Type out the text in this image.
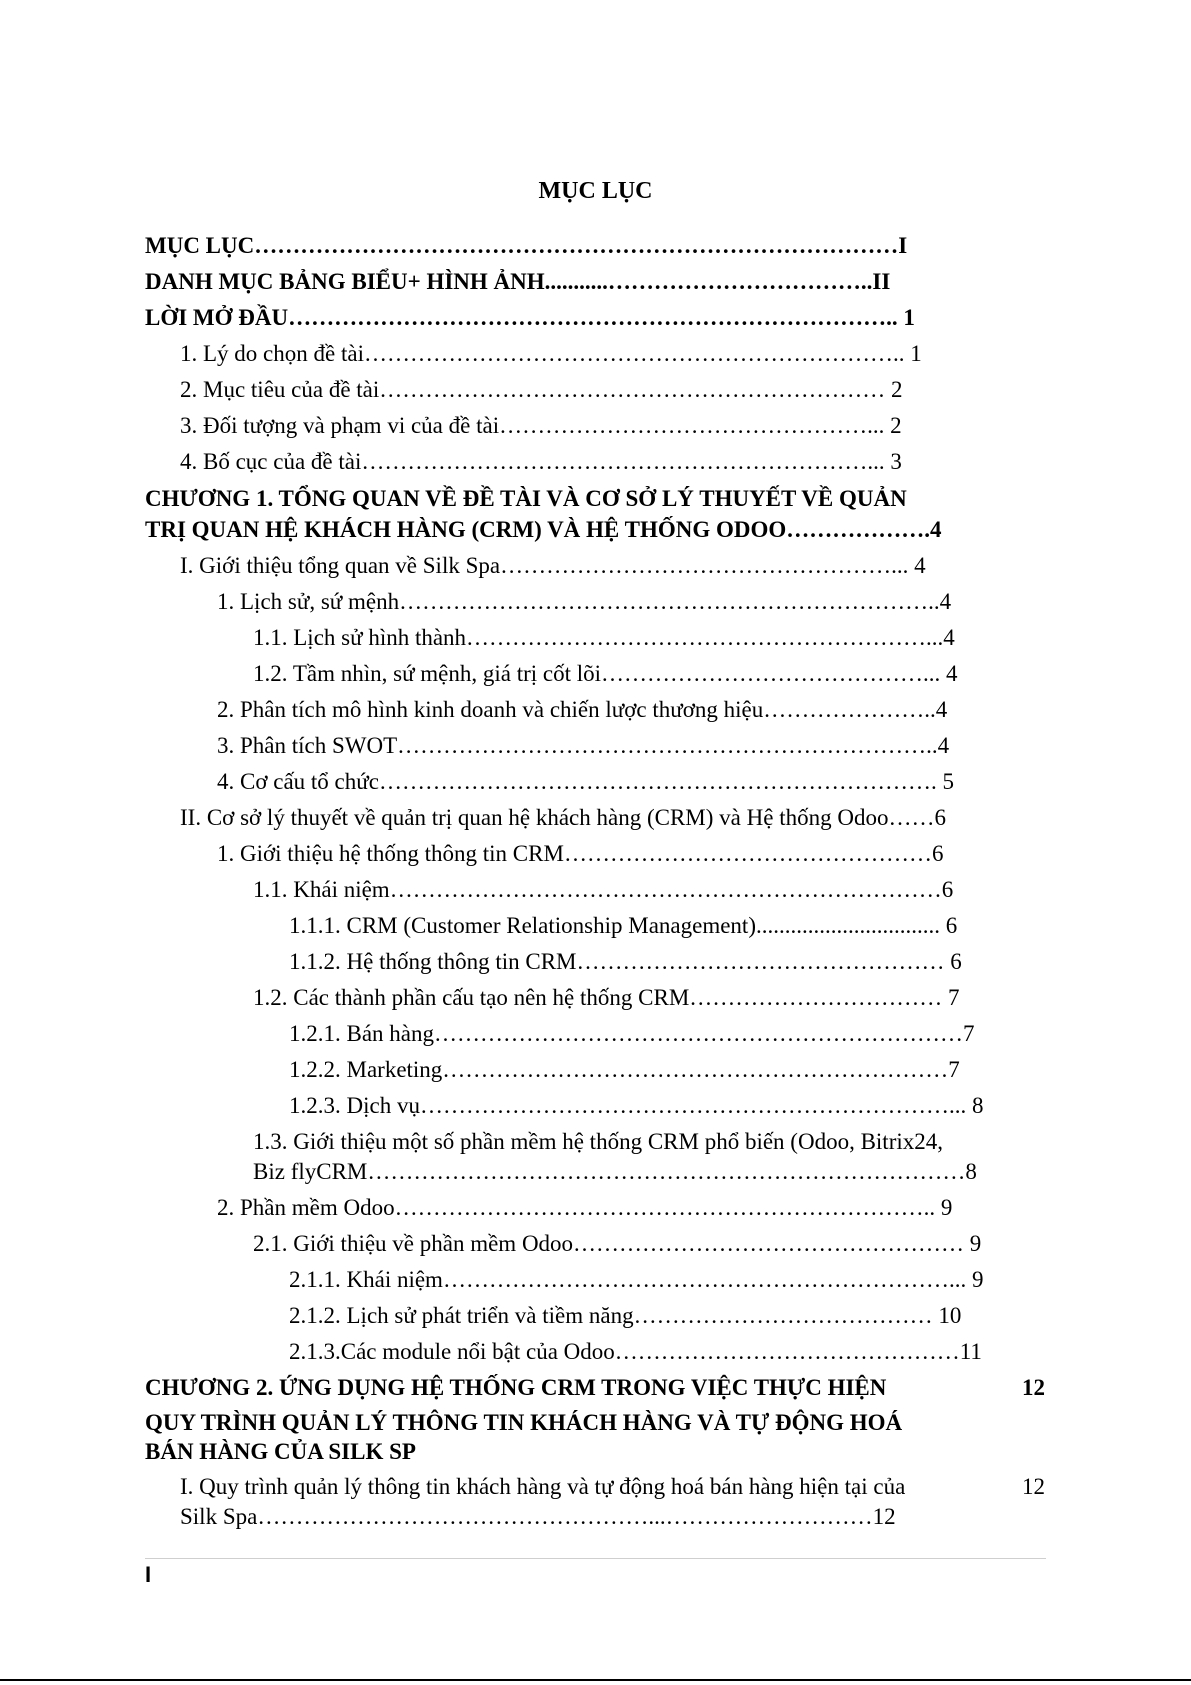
MỤC LỤC
MỤC LỤC…………………………………………………………………………I
DANH MỤC BẢNG BIỂU+ HÌNH ẢNH...........……………………………..II
LỜI MỞ ĐẦU…………………………………………………………………….. 1
1. Lý do chọn đề tài…………………………………………………………….. 1
2. Mục tiêu của đề tài………………………………………………………… 2
3. Đối tượng và phạm vi của đề tài…………………………………………... 2
4. Bố cục của đề tài…………………………………………………………... 3
CHƯƠNG 1. TỔNG QUAN VỀ ĐỀ TÀI VÀ CƠ SỞ LÝ THUYẾT VỀ QUẢN
TRỊ QUAN HỆ KHÁCH HÀNG (CRM) VÀ HỆ THỐNG ODOO……………….4
I. Giới thiệu tổng quan về Silk Spa……………………………………………... 4
1. Lịch sử, sứ mệnh……………………………………………………………..4
1.1. Lịch sử hình thành……………………………………………………...4
1.2. Tầm nhìn, sứ mệnh, giá trị cốt lõi……………………………………... 4
2. Phân tích mô hình kinh doanh và chiến lược thương hiệu…………………..4
3. Phân tích SWOT……………………………………………………………..4
4. Cơ cấu tổ chức………………………………………………………………. 5
II. Cơ sở lý thuyết về quản trị quan hệ khách hàng (CRM) và Hệ thống Odoo……6
1. Giới thiệu hệ thống thông tin CRM…………………………………………6
1.1. Khái niệm………………………………………………………………6
1.1.1. CRM (Customer Relationship Management)................................ 6
1.1.2. Hệ thống thông tin CRM………………………………………… 6
1.2. Các thành phần cấu tạo nên hệ thống CRM…………………………… 7
1.2.1. Bán hàng……………………………………………………………7
1.2.2. Marketing…………………………………………………………7
1.2.3. Dịch vụ……………………………………………………………... 8
1.3. Giới thiệu một số phần mềm hệ thống CRM phổ biến (Odoo, Bitrix24,
Biz flyCRM……………………………………………………………………8
2. Phần mềm Odoo…………………………………………………………….. 9
2.1. Giới thiệu về phần mềm Odoo…………………………………………… 9
2.1.1. Khái niệm…………………………………………………………... 9
2.1.2. Lịch sử phát triển và tiềm năng………………………………… 10
2.1.3.Các module nổi bật của Odoo………………………………………11
CHƯƠNG 2. ỨNG DỤNG HỆ THỐNG CRM TRONG VIỆC THỰC HIỆN	12
QUY TRÌNH QUẢN LÝ THÔNG TIN KHÁCH HÀNG VÀ TỰ ĐỘNG HOÁ
BÁN HÀNG CỦA SILK SP
I. Quy trình quản lý thông tin khách hàng và tự động hoá bán hàng hiện tại của	12
Silk Spa……………………………………………...………………………12
I
